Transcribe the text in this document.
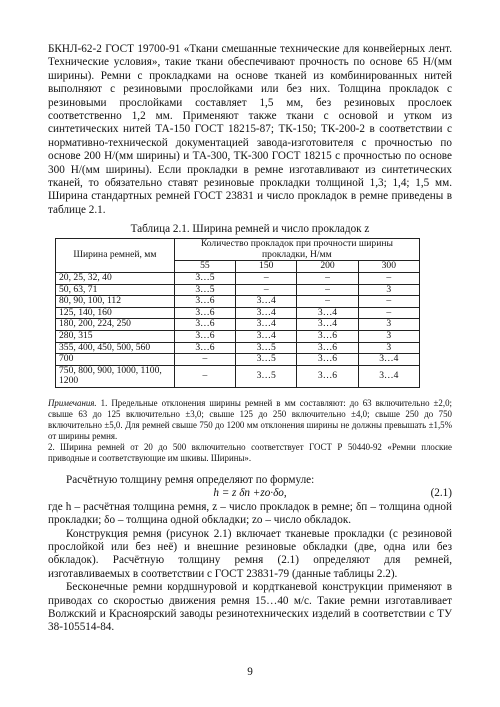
БКНЛ-62-2 ГОСТ 19700-91 «Ткани смешанные технические для конвейерных лент. Технические условия», такие ткани обеспечивают прочность по основе 65 Н/(мм ширины). Ремни с прокладками на основе тканей из комбинированных нитей выполняют с резиновыми прослойками или без них. Толщина прокладок с резиновыми прослойками составляет 1,5 мм, без резиновых прослоек соответственно 1,2 мм. Применяют также ткани с основой и утком из синтетических нитей ТА-150 ГОСТ 18215-87; ТК-150; ТК-200-2 в соответствии с нормативно-технической документацией завода-изготовителя с прочностью по основе 200 Н/(мм ширины) и ТА-300, ТК-300 ГОСТ 18215 с прочностью по основе 300 Н/(мм ширины). Если прокладки в ремне изготавливают из синтетических тканей, то обязательно ставят резиновые прокладки толщиной 1,3; 1,4; 1,5 мм. Ширина стандартных ремней ГОСТ 23831 и число прокладок в ремне приведены в таблице 2.1.

Таблица 2.1. Ширина ремней и число прокладок z
Ширина ремней, мм	Количество прокладок при прочности ширины прокладки, Н/мм			
	55	150	200	300
20, 25, 32, 40	3…5	–	–	–
50, 63, 71	3…5	–	–	3
80, 90, 100, 112	3…6	3…4	–	–
125, 140, 160	3…6	3…4	3…4	–
180, 200, 224, 250	3…6	3…4	3…4	3
280, 315	3…6	3…4	3…6	3
355, 400, 450, 500, 560	3…6	3…5	3…6	3
700	–	3…5	3…6	3…4
750, 800, 900, 1000, 1100, 1200	–	3…5	3…6	3…4

Примечания. 1. Предельные отклонения ширины ремней в мм составляют: до 63 включительно ±2,0; свыше 63 до 125 включительно ±3,0; свыше 125 до 250 включительно ±4,0; свыше 250 до 750 включительно ±5,0. Для ремней свыше 750 до 1200 мм отклонения ширины не должны превышать ±1,5% от ширины ремня.

2. Ширина ремней от 20 до 500 включительно соответствует ГОСТ Р 50440-92 «Ремни плоские приводные и соответствующие им шкивы. Ширины».

Расчётную толщину ремня определяют по формуле:

h = z δп +zо·δо,	(2.1)

где h – расчётная толщина ремня, z – число прокладок в ремне; δп – толщина одной прокладки; δо – толщина одной обкладки; zо – число обкладок.

Конструкция ремня (рисунок 2.1) включает тканевые прокладки (с резиновой прослойкой или без неё) и внешние резиновые обкладки (две, одна или без обкладок). Расчётную толщину ремня (2.1) определяют для ремней, изготавливаемых в соответствии с ГОСТ 23831-79 (данные таблицы 2.2).

Бесконечные ремни кордшнуровой и кордтканевой конструкции применяют в приводах со скоростью движения ремня 15…40 м/с. Такие ремни изготавливает Волжский и Красноярский заводы резинотехнических изделий в соответствии с ТУ 38-105514-84.

9
